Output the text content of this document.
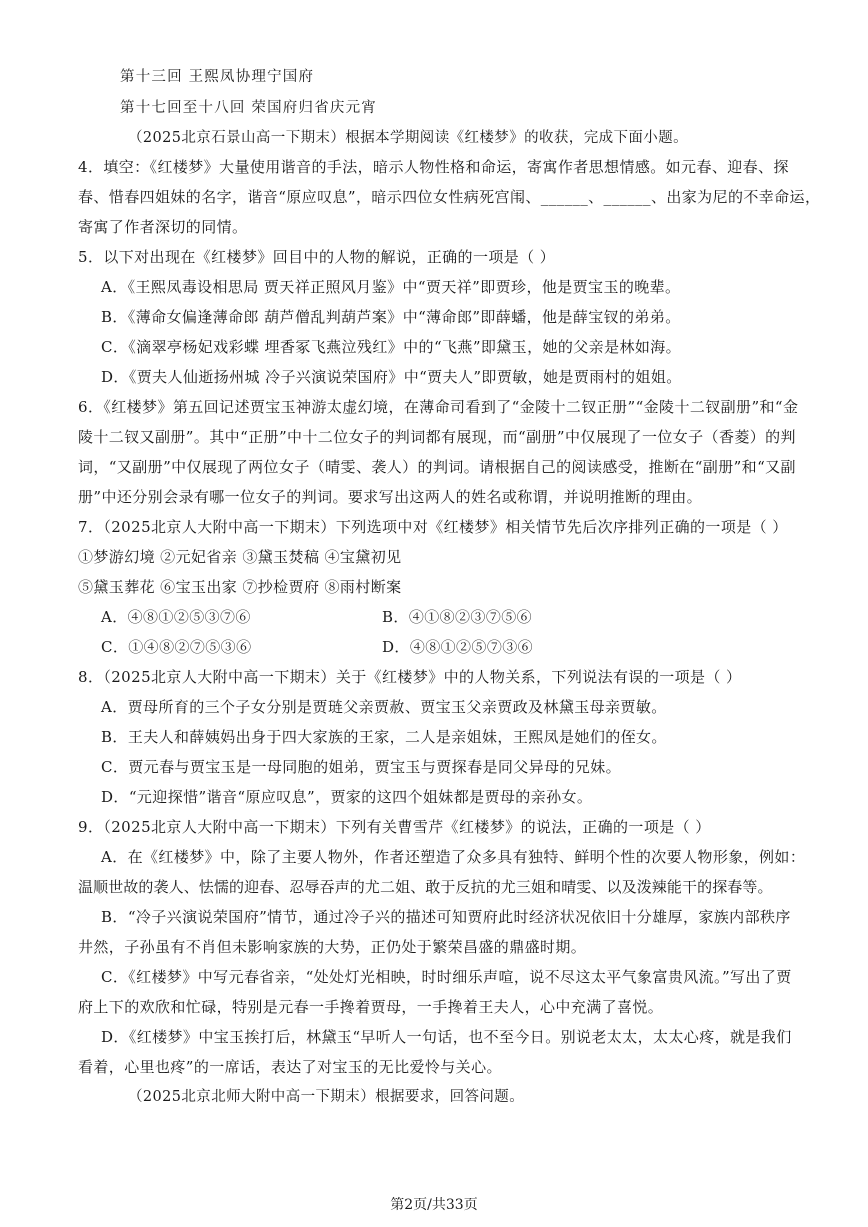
第十三回 王熙凤协理宁国府
第十七回至十八回 荣国府归省庆元宵
（2025北京石景山高一下期末）根据本学期阅读《红楼梦》的收获，完成下面小题。
4．填空：《红楼梦》大量使用谐音的手法，暗示人物性格和命运，寄寓作者思想情感。如元春、迎春、探
春、惜春四姐妹的名字，谐音“原应叹息”，暗示四位女性病死宫闱、______、______、出家为尼的不幸命运，
寄寓了作者深切的同情。
5．以下对出现在《红楼梦》回目中的人物的解说，正确的一项是（ ）
A．《王熙凤毒设相思局 贾天祥正照风月鉴》中“贾天祥”即贾珍，他是贾宝玉的晚辈。
B．《薄命女偏逢薄命郎 葫芦僧乱判葫芦案》中“薄命郎”即薛蟠，他是薛宝钗的弟弟。
C．《滴翠亭杨妃戏彩蝶 埋香冢飞燕泣残红》中的“飞燕”即黛玉，她的父亲是林如海。
D．《贾夫人仙逝扬州城 冷子兴演说荣国府》中“贾夫人”即贾敏，她是贾雨村的姐姐。
6．《红楼梦》第五回记述贾宝玉神游太虚幻境，在薄命司看到了“金陵十二钗正册”“金陵十二钗副册”和“金
陵十二钗又副册”。其中“正册”中十二位女子的判词都有展现，而“副册”中仅展现了一位女子（香菱）的判
词，“又副册”中仅展现了两位女子（晴雯、袭人）的判词。请根据自己的阅读感受，推断在“副册”和“又副
册”中还分别会录有哪一位女子的判词。要求写出这两人的姓名或称谓，并说明推断的理由。
7．（2025北京人大附中高一下期末）下列选项中对《红楼梦》相关情节先后次序排列正确的一项是（ ）
①梦游幻境 ②元妃省亲 ③黛玉焚稿 ④宝黛初见
⑤黛玉葬花 ⑥宝玉出家 ⑦抄检贾府 ⑧雨村断案
A．④⑧①②⑤③⑦⑥	B．④①⑧②③⑦⑤⑥
C．①④⑧②⑦⑤③⑥	D．④⑧①②⑤⑦③⑥
8．（2025北京人大附中高一下期末）关于《红楼梦》中的人物关系，下列说法有误的一项是（ ）
A．贾母所育的三个子女分别是贾琏父亲贾赦、贾宝玉父亲贾政及林黛玉母亲贾敏。
B．王夫人和薛姨妈出身于四大家族的王家，二人是亲姐妹，王熙凤是她们的侄女。
C．贾元春与贾宝玉是一母同胞的姐弟，贾宝玉与贾探春是同父异母的兄妹。
D．“元迎探惜”谐音“原应叹息”，贾家的这四个姐妹都是贾母的亲孙女。
9．（2025北京人大附中高一下期末）下列有关曹雪芹《红楼梦》的说法，正确的一项是（ ）
A．在《红楼梦》中，除了主要人物外，作者还塑造了众多具有独特、鲜明个性的次要人物形象，例如：
温顺世故的袭人、怯懦的迎春、忍辱吞声的尤二姐、敢于反抗的尤三姐和晴雯、以及泼辣能干的探春等。
B．“冷子兴演说荣国府”情节，通过冷子兴的描述可知贾府此时经济状况依旧十分雄厚，家族内部秩序
井然，子孙虽有不肖但未影响家族的大势，正仍处于繁荣昌盛的鼎盛时期。
C．《红楼梦》中写元春省亲，“处处灯光相映，时时细乐声喧，说不尽这太平气象富贵风流。”写出了贾
府上下的欢欣和忙碌，特别是元春一手搀着贾母，一手搀着王夫人，心中充满了喜悦。
D．《红楼梦》中宝玉挨打后，林黛玉“早听人一句话，也不至今日。别说老太太，太太心疼，就是我们
看着，心里也疼”的一席话，表达了对宝玉的无比爱怜与关心。
（2025北京北师大附中高一下期末）根据要求，回答问题。
第2页/共33页
